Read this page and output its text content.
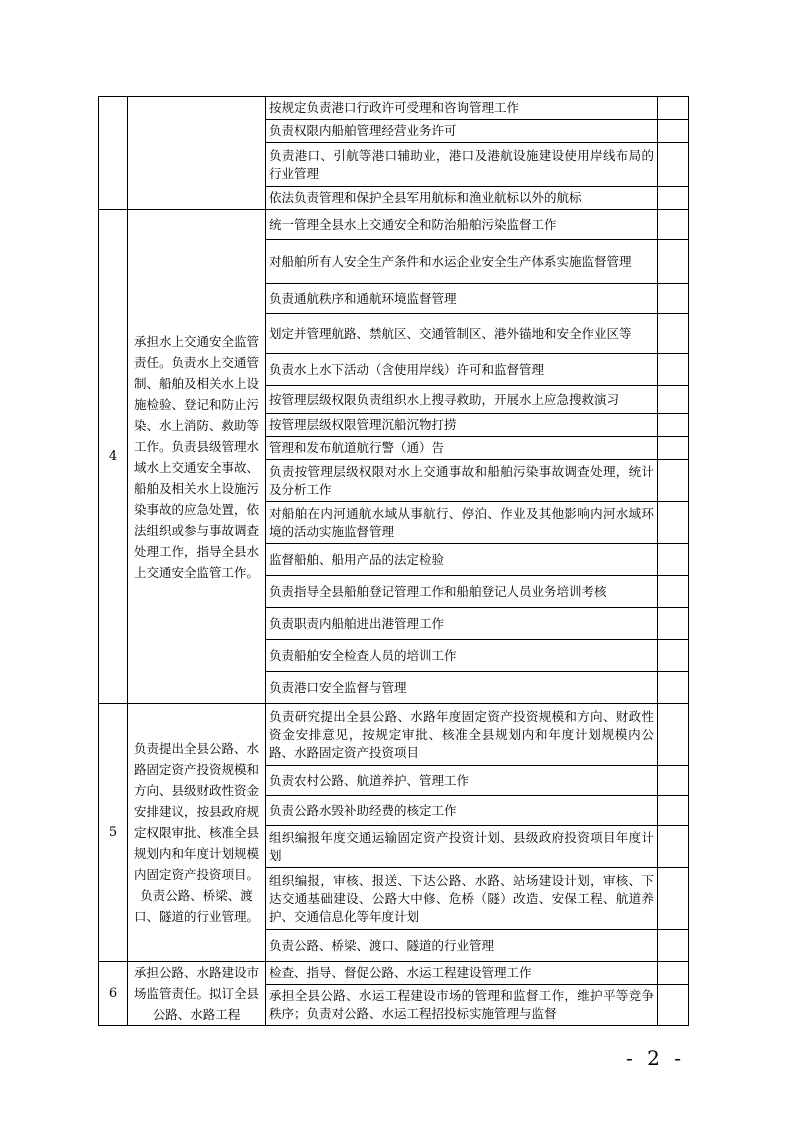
		按规定负责港口行政许可受理和咨询管理工作	
		负责权限内船舶管理经营业务许可	
		负责港口、引航等港口辅助业，港口及港航设施建设使用岸线布局的行业管理	
		依法负责管理和保护全县军用航标和渔业航标以外的航标	
4	承担水上交通安全监管责任。负责水上交通管制、船舶及相关水上设施检验、登记和防止污染、水上消防、救助等工作。负责县级管理水域水上交通安全事故、船舶及相关水上设施污染事故的应急处置，依法组织或参与事故调查处理工作，指导全县水上交通安全监管工作。	统一管理全县水上交通安全和防治船舶污染监督工作	
		对船舶所有人安全生产条件和水运企业安全生产体系实施监督管理	
		负责通航秩序和通航环境监督管理	
		划定并管理航路、禁航区、交通管制区、港外锚地和安全作业区等	
		负责水上水下活动（含使用岸线）许可和监督管理	
		按管理层级权限负责组织水上搜寻救助，开展水上应急搜救演习	
		按管理层级权限管理沉船沉物打捞	
		管理和发布航道航行警（通）告	
		负责按管理层级权限对水上交通事故和船舶污染事故调查处理，统计及分析工作	
		对船舶在内河通航水域从事航行、停泊、作业及其他影响内河水域环境的活动实施监督管理	
		监督船舶、船用产品的法定检验	
		负责指导全县船舶登记管理工作和船舶登记人员业务培训考核	
		负责职责内船舶进出港管理工作	
		负责船舶安全检查人员的培训工作	
		负责港口安全监督与管理	
5	负责提出全县公路、水路固定资产投资规模和方向、县级财政性资金安排建议，按县政府规定权限审批、核准全县规划内和年度计划规模内固定资产投资项目。负责公路、桥梁、渡口、隧道的行业管理。	负责研究提出全县公路、水路年度固定资产投资规模和方向、财政性资金安排意见，按规定审批、核准全县规划内和年度计划规模内公路、水路固定资产投资项目	
		负责农村公路、航道养护、管理工作	
		负责公路水毁补助经费的核定工作	
		组织编报年度交通运输固定资产投资计划、县级政府投资项目年度计划	
		组织编报，审核、报送、下达公路、水路、站场建设计划，审核、下达交通基础建设、公路大中修、危桥（隧）改造、安保工程、航道养护、交通信息化等年度计划	
		负责公路、桥梁、渡口、隧道的行业管理	
6	承担公路、水路建设市场监管责任。拟订全县公路、水路工程	检查、指导、督促公路、水运工程建设管理工作	
		承担全县公路、水运工程建设市场的管理和监督工作，维护平等竞争秩序；负责对公路、水运工程招投标实施管理与监督	
- 2 -
